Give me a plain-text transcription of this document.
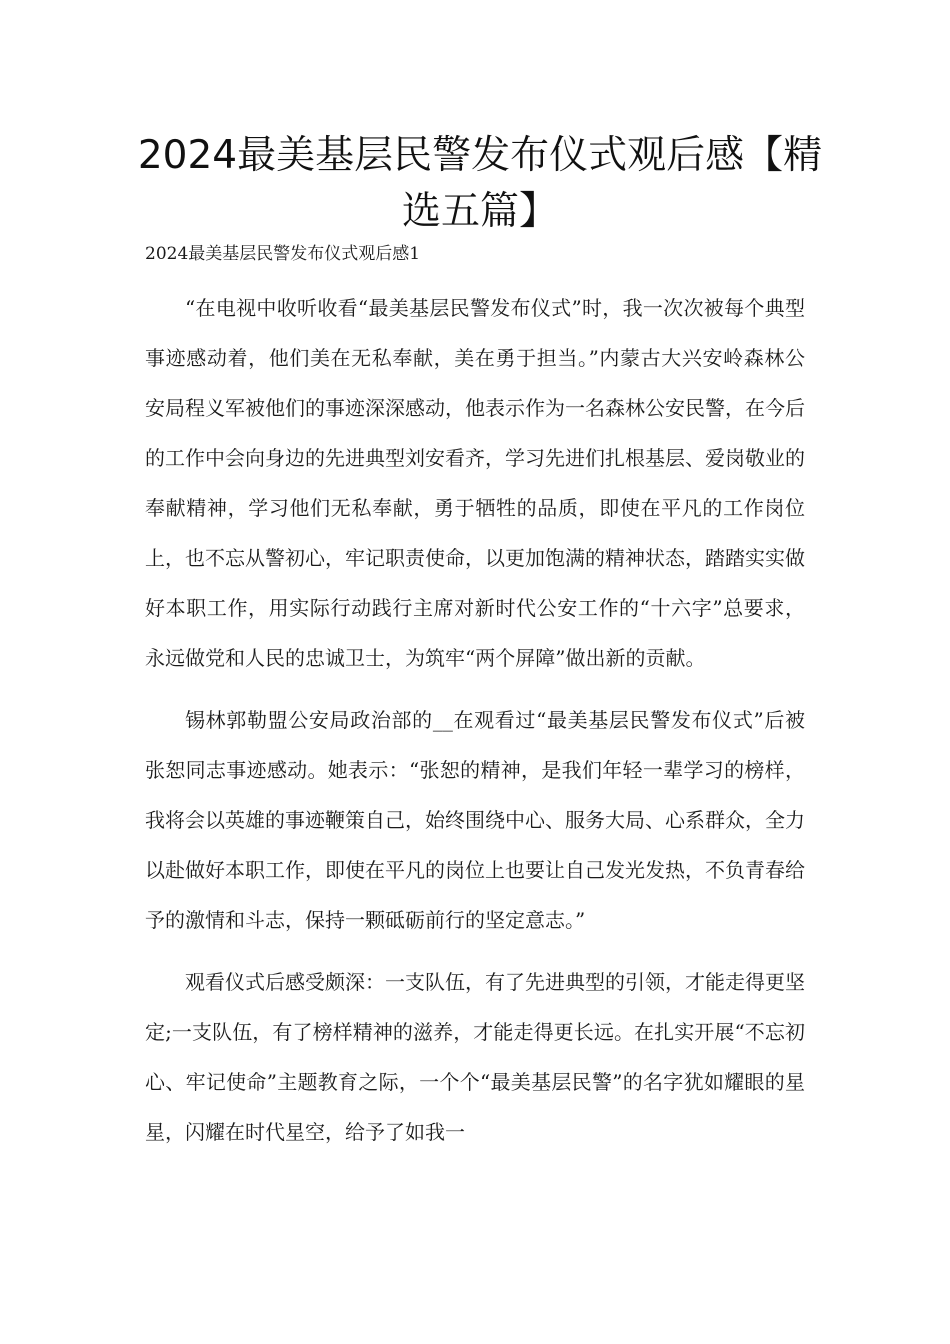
2024最美基层民警发布仪式观后感【精选五篇】
2024最美基层民警发布仪式观后感1

“在电视中收听收看“最美基层民警发布仪式”时，我一次次被每个典型事迹感动着，他们美在无私奉献，美在勇于担当。”内蒙古大兴安岭森林公安局程义军被他们的事迹深深感动，他表示作为一名森林公安民警，在今后的工作中会向身边的先进典型刘安看齐，学习先进们扎根基层、爱岗敬业的奉献精神，学习他们无私奉献，勇于牺牲的品质，即使在平凡的工作岗位上，也不忘从警初心，牢记职责使命，以更加饱满的精神状态，踏踏实实做好本职工作，用实际行动践行主席对新时代公安工作的“十六字”总要求，永远做党和人民的忠诚卫士，为筑牢“两个屏障”做出新的贡献。

锡林郭勒盟公安局政治部的__在观看过“最美基层民警发布仪式”后被张恕同志事迹感动。她表示：“张恕的精神，是我们年轻一辈学习的榜样，我将会以英雄的事迹鞭策自己，始终围绕中心、服务大局、心系群众，全力以赴做好本职工作，即使在平凡的岗位上也要让自己发光发热，不负青春给予的激情和斗志，保持一颗砥砺前行的坚定意志。”

观看仪式后感受颇深：一支队伍，有了先进典型的引领，才能走得更坚定;一支队伍，有了榜样精神的滋养，才能走得更长远。在扎实开展“不忘初心、牢记使命”主题教育之际，一个个“最美基层民警”的名字犹如耀眼的星星，闪耀在时代星空，给予了如我一
